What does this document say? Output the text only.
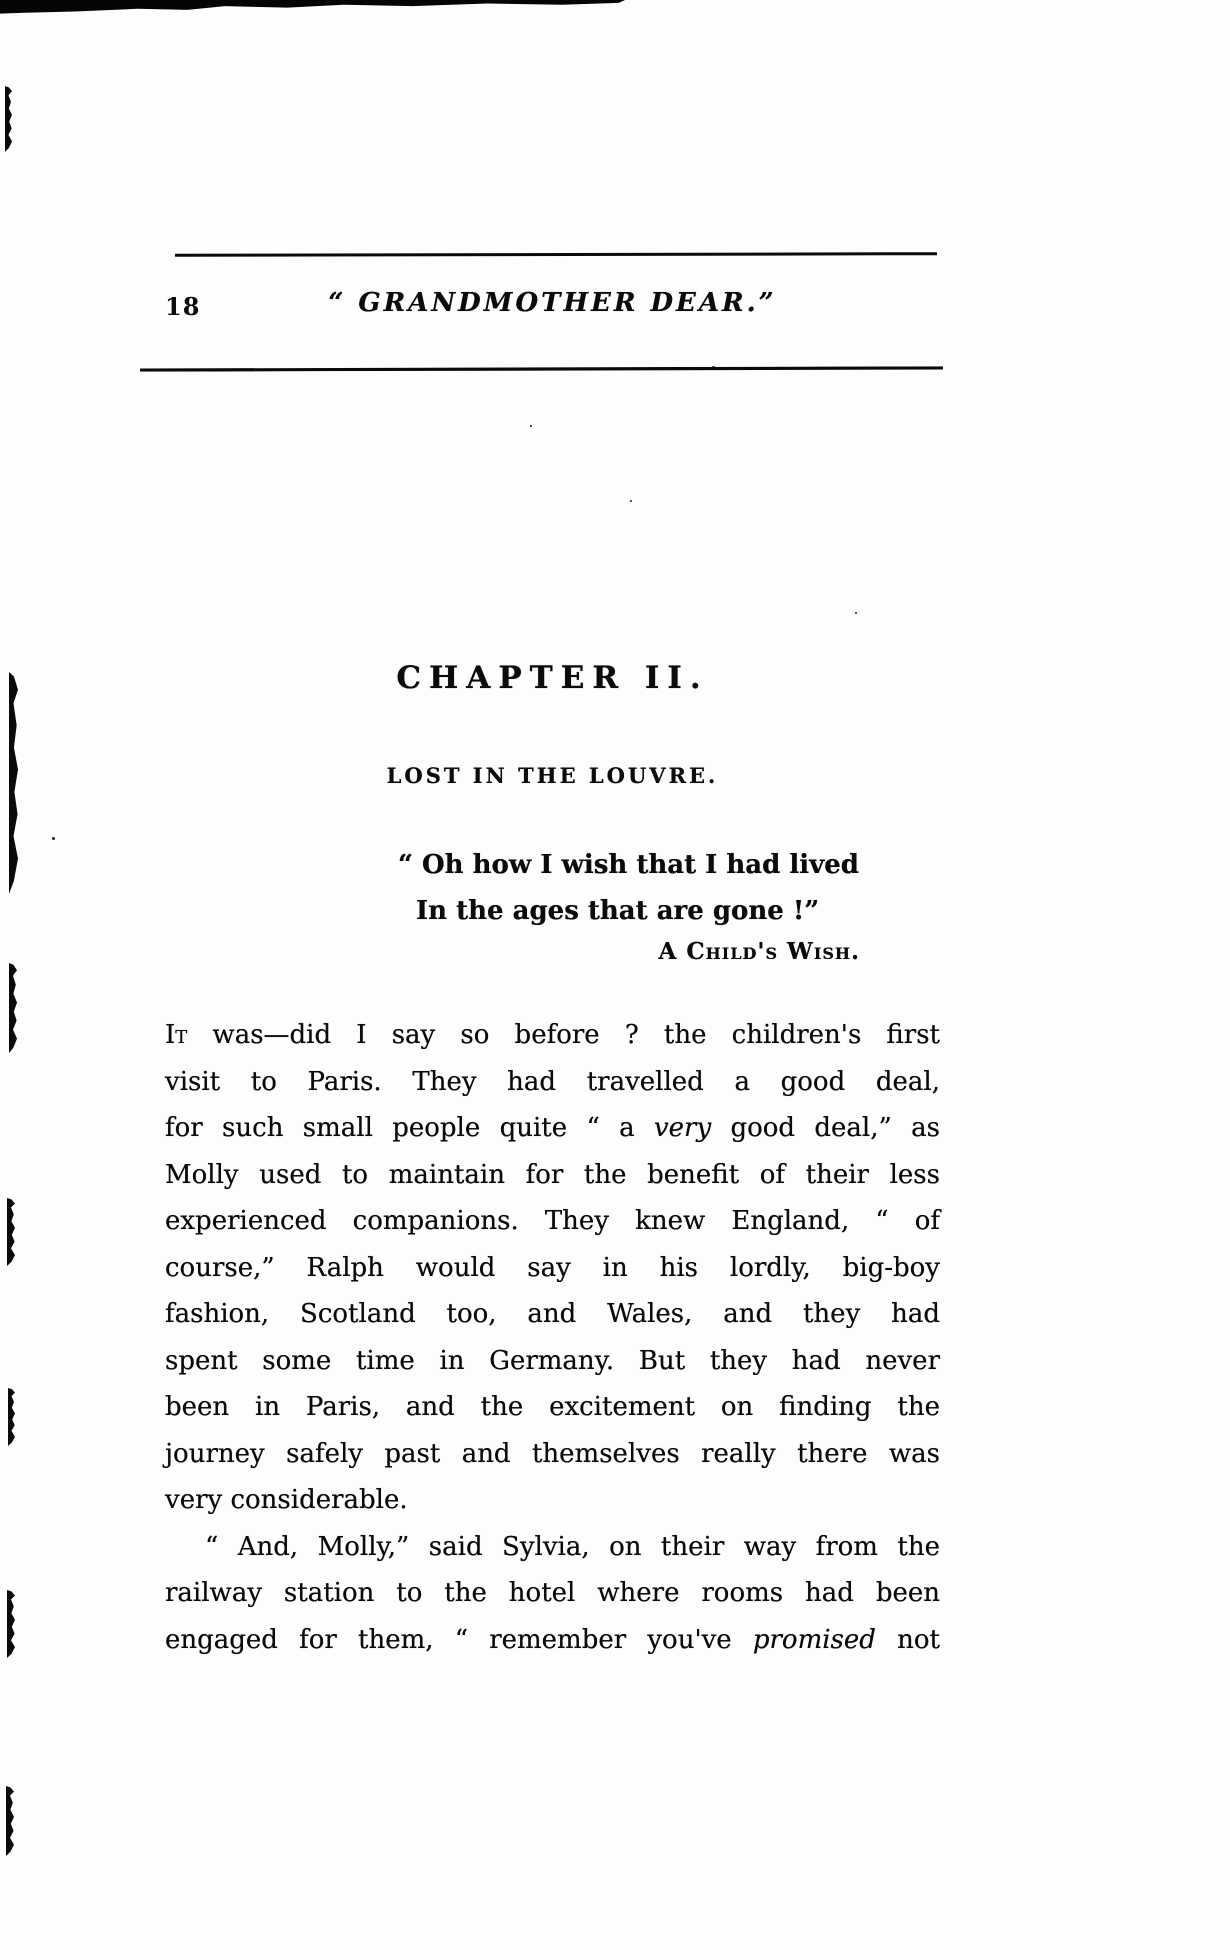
18	“ GRANDMOTHER DEAR.”
CHAPTER II.
LOST IN THE LOUVRE.
“ Oh how I wish that I had lived
In the ages that are gone !”
A Child's Wish.
It was—did I say so before ? the children's first
visit to Paris. They had travelled a good deal,
for such small people quite “ a very good deal,” as
Molly used to maintain for the benefit of their less
experienced companions. They knew England, “ of
course,” Ralph would say in his lordly, big-boy
fashion, Scotland too, and Wales, and they had
spent some time in Germany. But they had never
been in Paris, and the excitement on finding the
journey safely past and themselves really there was
very considerable.
“ And, Molly,” said Sylvia, on their way from the
railway station to the hotel where rooms had been
engaged for them, “ remember you've promised not
